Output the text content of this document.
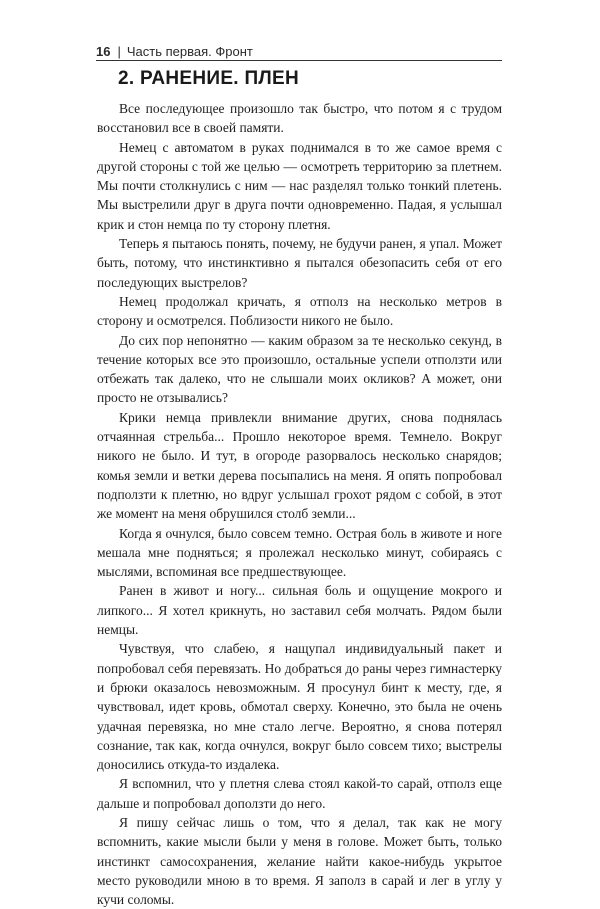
16 | Часть первая. Фронт
2. РАНЕНИЕ. ПЛЕН

Все последующее произошло так быстро, что потом я с трудом восстановил все в своей памяти.

Немец с автоматом в руках поднимался в то же самое время с другой стороны с той же целью — осмотреть территорию за плетнем. Мы почти столкнулись с ним — нас разделял только тонкий плетень. Мы выстрелили друг в друга почти одновременно. Падая, я услышал крик и стон немца по ту сторону плетня.

Теперь я пытаюсь понять, почему, не будучи ранен, я упал. Может быть, потому, что инстинктивно я пытался обезопасить себя от его последующих выстрелов?

Немец продолжал кричать, я отполз на несколько метров в сторону и осмотрелся. Поблизости никого не было.

До сих пор непонятно — каким образом за те несколько секунд, в течение которых все это произошло, остальные успели отползти или отбежать так далеко, что не слышали моих окликов? А может, они просто не отзывались?

Крики немца привлекли внимание других, снова поднялась отчаянная стрельба... Прошло некоторое время. Темнело. Вокруг никого не было. И тут, в огороде разорвалось несколько снарядов; комья земли и ветки дерева посыпались на меня. Я опять попробовал подползти к плетню, но вдруг услышал грохот рядом с собой, в этот же момент на меня обрушился столб земли...

Когда я очнулся, было совсем темно. Острая боль в животе и ноге мешала мне подняться; я пролежал несколько минут, собираясь с мыслями, вспоминая все предшествующее.

Ранен в живот и ногу... сильная боль и ощущение мокрого и липкого... Я хотел крикнуть, но заставил себя молчать. Рядом были немцы.

Чувствуя, что слабею, я нащупал индивидуальный пакет и попробовал себя перевязать. Но добраться до раны через гимнастерку и брюки оказалось невозможным. Я просунул бинт к месту, где, я чувствовал, идет кровь, обмотал сверху. Конечно, это была не очень удачная перевязка, но мне стало легче. Вероятно, я снова потерял сознание, так как, когда очнулся, вокруг было совсем тихо; выстрелы доносились откуда-то издалека.

Я вспомнил, что у плетня слева стоял какой-то сарай, отполз еще дальше и попробовал доползти до него.

Я пишу сейчас лишь о том, что я делал, так как не могу вспомнить, какие мысли были у меня в голове. Может быть, только инстинкт самосохранения, желание найти какое-нибудь укрытое место руководили мною в то время. Я заполз в сарай и лег в углу у кучи соломы.
